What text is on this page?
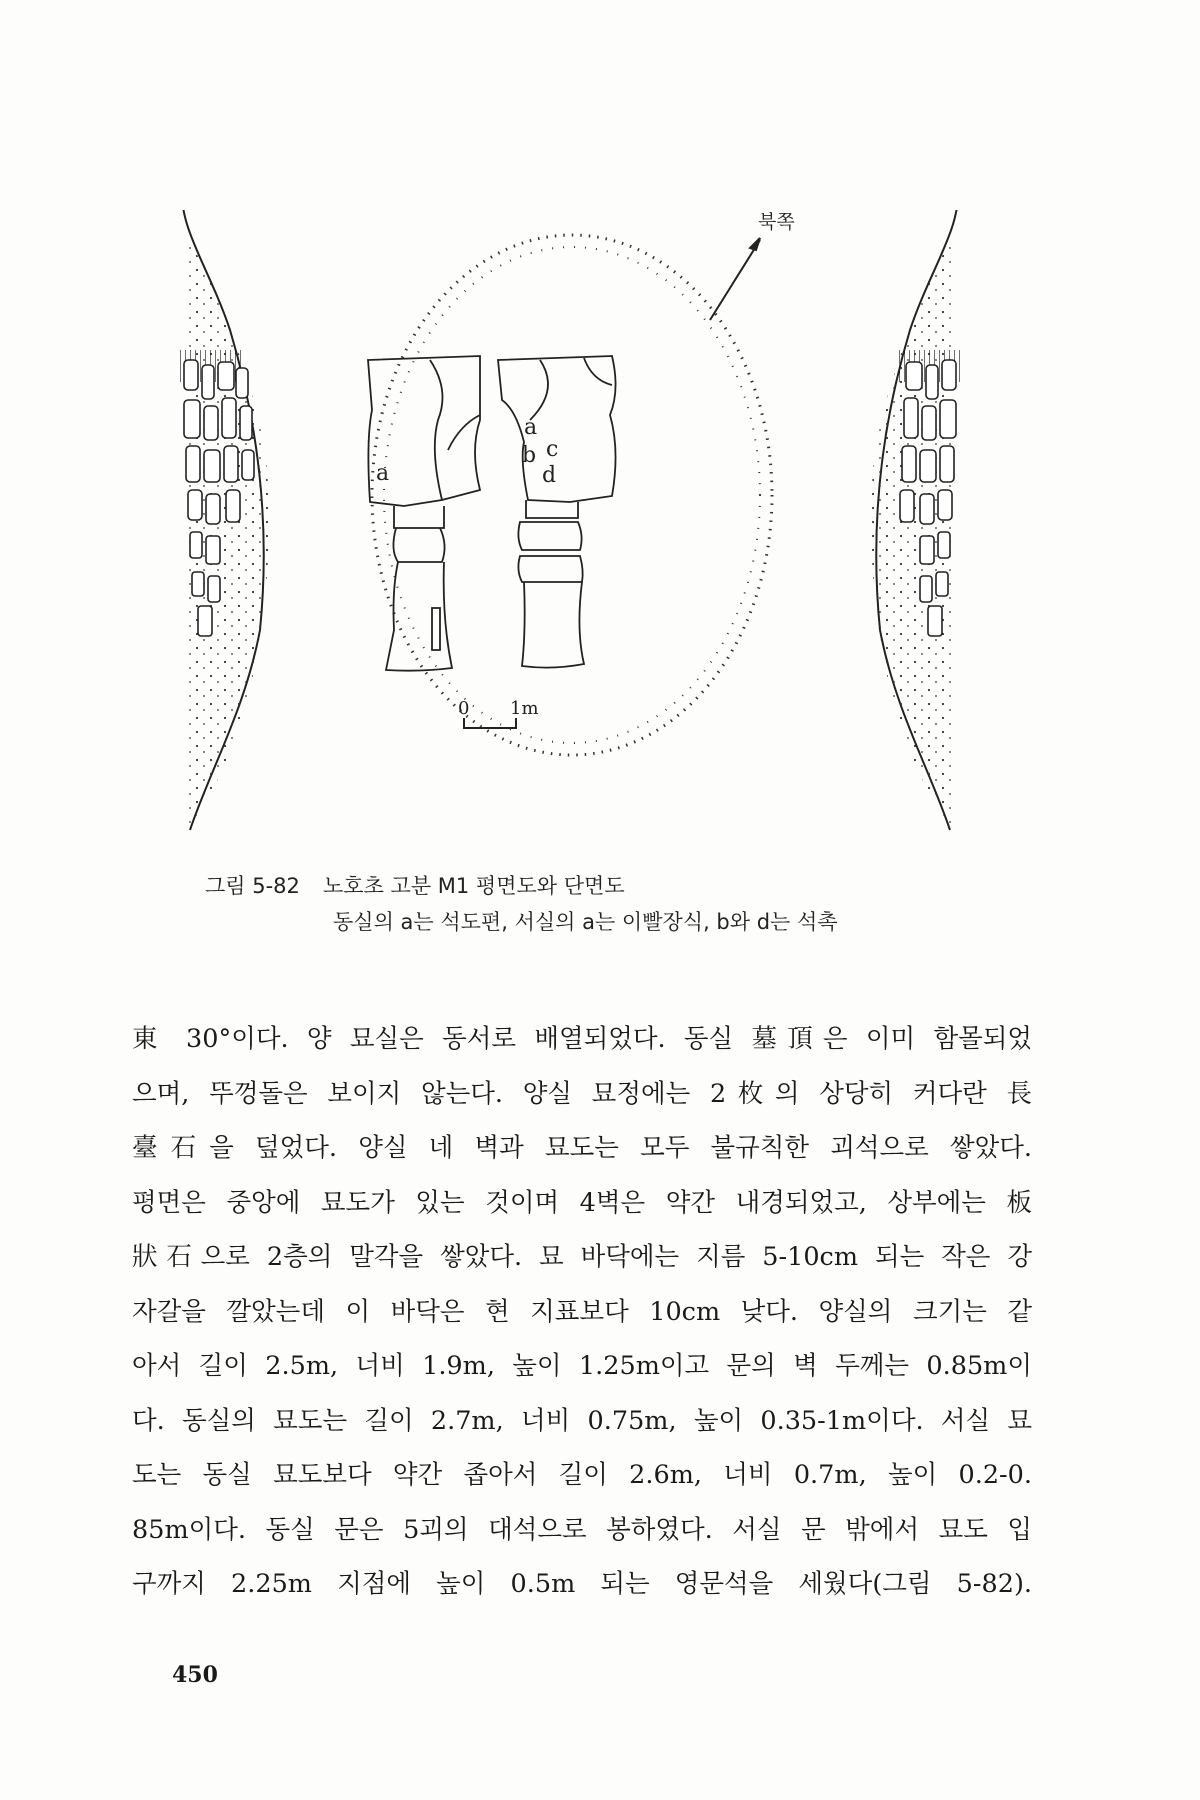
a
a
b c
d
북쪽
0 1m
그림 5-82 노호초 고분 M1 평면도와 단면도
동실의 a는 석도편, 서실의 a는 이빨장식, b와 d는 석촉
東 30°이다. 양 묘실은 동서로 배열되었다. 동실 墓頂은 이미 함몰되었
으며, 뚜껑돌은 보이지 않는다. 양실 묘정에는 2枚의 상당히 커다란 長
臺石을 덮었다. 양실 네 벽과 묘도는 모두 불규칙한 괴석으로 쌓았다.
평면은 중앙에 묘도가 있는 것이며 4벽은 약간 내경되었고, 상부에는 板
狀石으로 2층의 말각을 쌓았다. 묘 바닥에는 지름 5-10cm 되는 작은 강
자갈을 깔았는데 이 바닥은 현 지표보다 10cm 낮다. 양실의 크기는 같
아서 길이 2.5m, 너비 1.9m, 높이 1.25m이고 문의 벽 두께는 0.85m이
다. 동실의 묘도는 길이 2.7m, 너비 0.75m, 높이 0.35-1m이다. 서실 묘
도는 동실 묘도보다 약간 좁아서 길이 2.6m, 너비 0.7m, 높이 0.2-0.
85m이다. 동실 문은 5괴의 대석으로 봉하였다. 서실 문 밖에서 묘도 입
구까지 2.25m 지점에 높이 0.5m 되는 영문석을 세웠다(그림 5-82).
450
